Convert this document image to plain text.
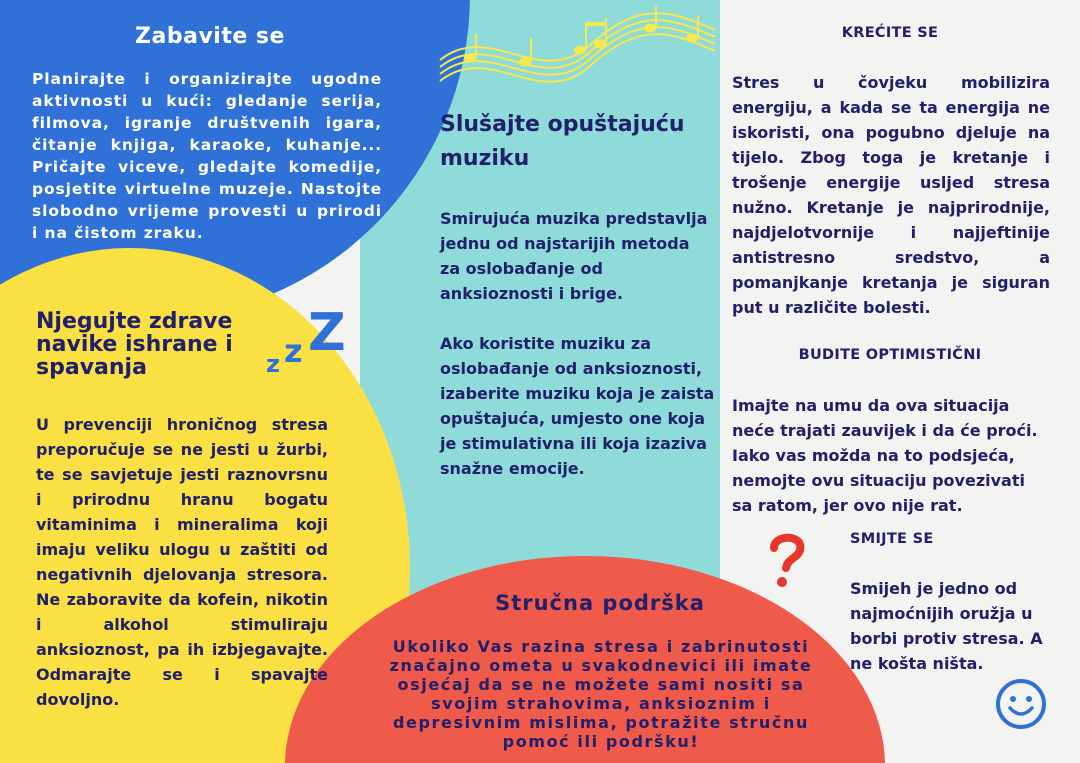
Zabavite se
Planirajte i organizirajte ugodne aktivnosti u kući: gledanje serija, filmova, igranje društvenih igara, čitanje knjiga, karaoke, kuhanje... Pričajte viceve, gledajte komedije, posjetite virtuelne muzeje. Nastojte slobodno vrijeme provesti u prirodi i na čistom zraku.
Njegujte zdrave navike ishrane i spavanja	z z Z
U prevenciji hroničnog stresa preporučuje se ne jesti u žurbi, te se savjetuje jesti raznovrsnu i prirodnu hranu bogatu vitaminima i mineralima koji imaju veliku ulogu u zaštiti od negativnih djelovanja stresora. Ne zaboravite da kofein, nikotin i alkohol stimuliraju anksioznost, pa ih izbjegavajte. Odmarajte se i spavajte dovoljno.
Slušajte opuštajuću muziku

Smirujuća muzika predstavlja jednu od najstarijih metoda za oslobađanje od anksioznosti i brige.

Ako koristite muziku za oslobađanje od anksioznosti, izaberite muziku koja je zaista opuštajuća, umjesto one koja je stimulativna ili koja izaziva snažne emocije.

Stručna podrška
Ukoliko Vas razina stresa i zabrinutosti značajno ometa u svakodnevici ili imate osjećaj da se ne možete sami nositi sa svojim strahovima, anksioznim i depresivnim mislima, potražite stručnu pomoć ili podršku!
KREĆITE SE
Stres u čovjeku mobilizira energiju, a kada se ta energija ne iskoristi, ona pogubno djeluje na tijelo. Zbog toga je kretanje i trošenje energije usljed stresa nužno. Kretanje je najprirodnije, najdjelotvornije i najjeftinije antistresno sredstvo, a pomanjkanje kretanja je siguran put u različite bolesti.
BUDITE OPTIMISTIČNI
Imajte na umu da ova situacija neće trajati zauvijek i da će proći. Iako vas možda na to podsjeća, nemojte ovu situaciju povezivati sa ratom, jer ovo nije rat.
SMIJTE SE
Smijeh je jedno od najmoćnijih oružja u borbi protiv stresa. A ne košta ništa.
